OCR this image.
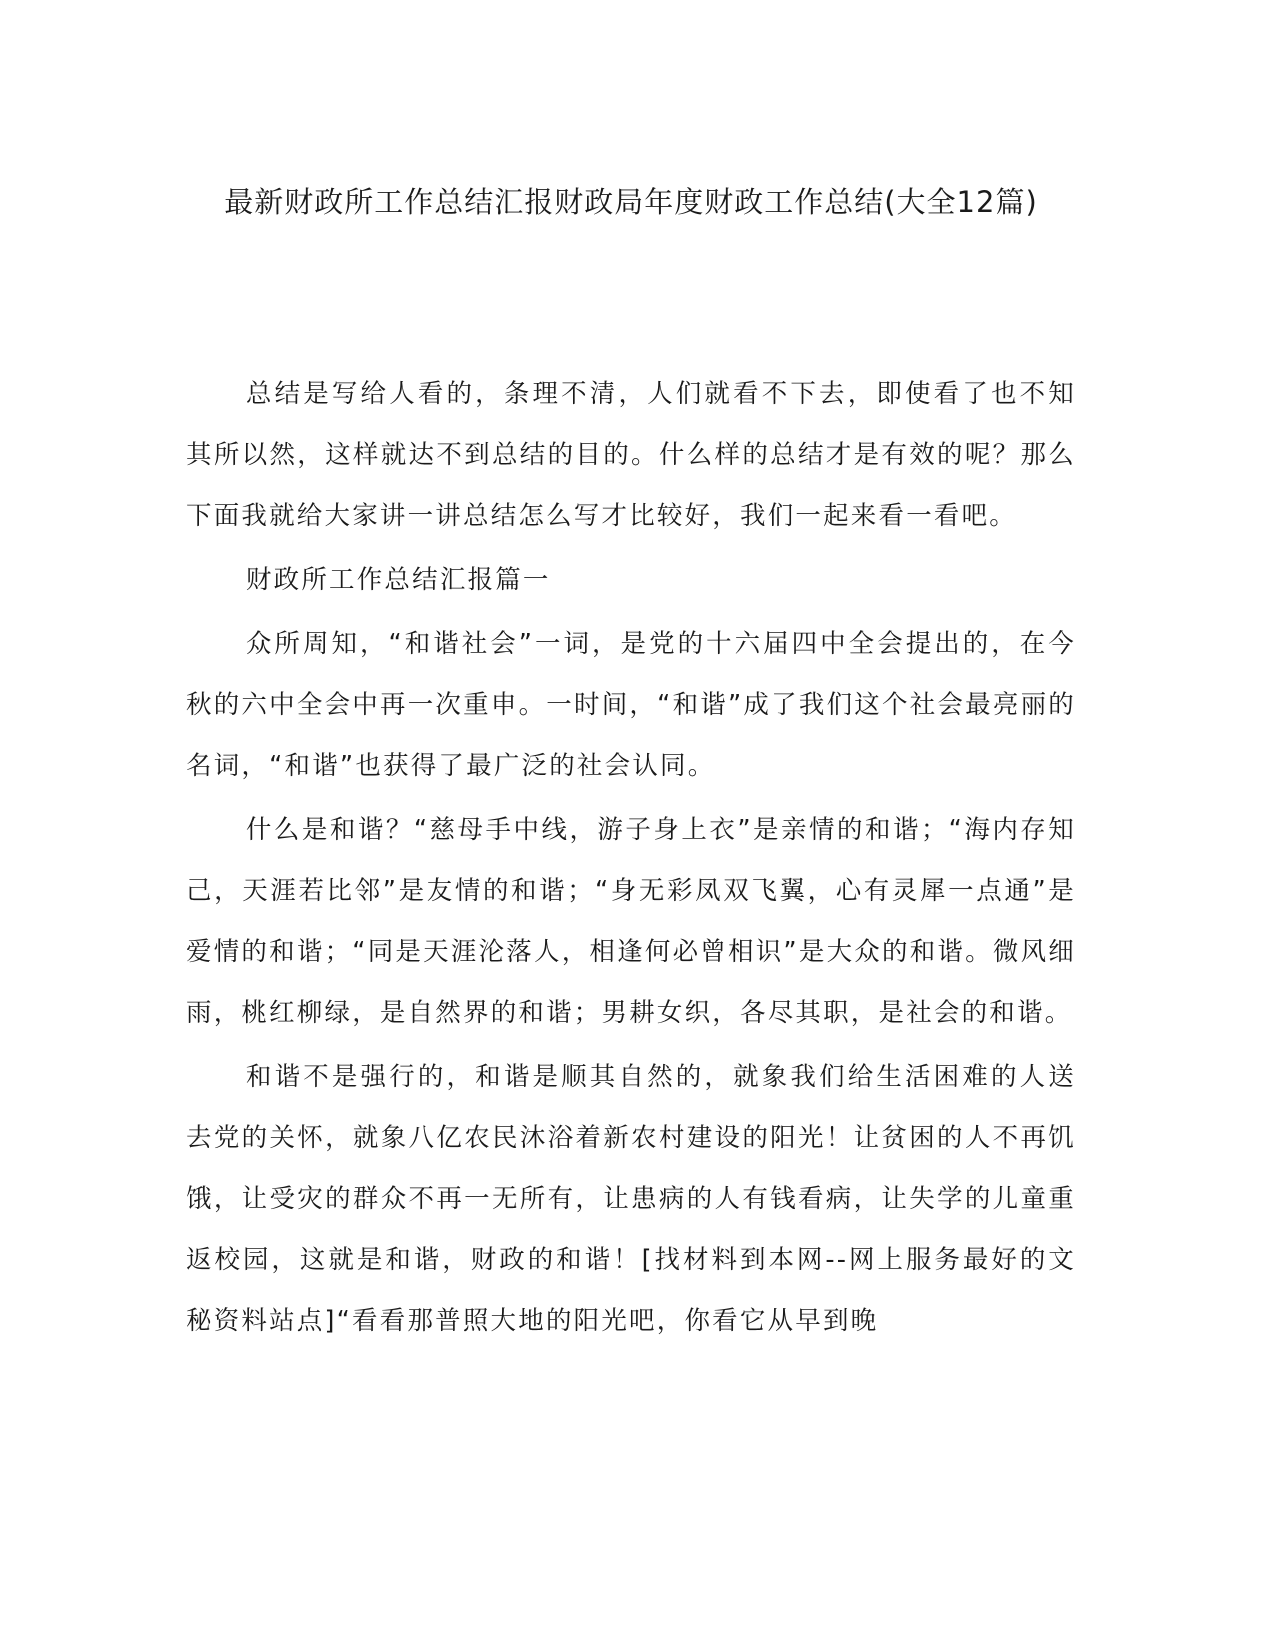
最新财政所工作总结汇报财政局年度财政工作总结(大全12篇)

总结是写给人看的，条理不清，人们就看不下去，即使看了也不知其所以然，这样就达不到总结的目的。什么样的总结才是有效的呢？那么下面我就给大家讲一讲总结怎么写才比较好，我们一起来看一看吧。

财政所工作总结汇报篇一

众所周知，“和谐社会”一词，是党的十六届四中全会提出的，在今秋的六中全会中再一次重申。一时间，“和谐”成了我们这个社会最亮丽的名词，“和谐”也获得了最广泛的社会认同。

什么是和谐？“慈母手中线，游子身上衣”是亲情的和谐；“海内存知己，天涯若比邻”是友情的和谐；“身无彩凤双飞翼，心有灵犀一点通”是爱情的和谐；“同是天涯沦落人，相逢何必曾相识”是大众的和谐。微风细雨，桃红柳绿，是自然界的和谐；男耕女织，各尽其职，是社会的和谐。

和谐不是强行的，和谐是顺其自然的，就象我们给生活困难的人送去党的关怀，就象八亿农民沐浴着新农村建设的阳光！让贫困的人不再饥饿，让受灾的群众不再一无所有，让患病的人有钱看病，让失学的儿童重返校园，这就是和谐，财政的和谐！[找材料到本网--网上服务最好的文秘资料站点]“看看那普照大地的阳光吧，你看它从早到晚
